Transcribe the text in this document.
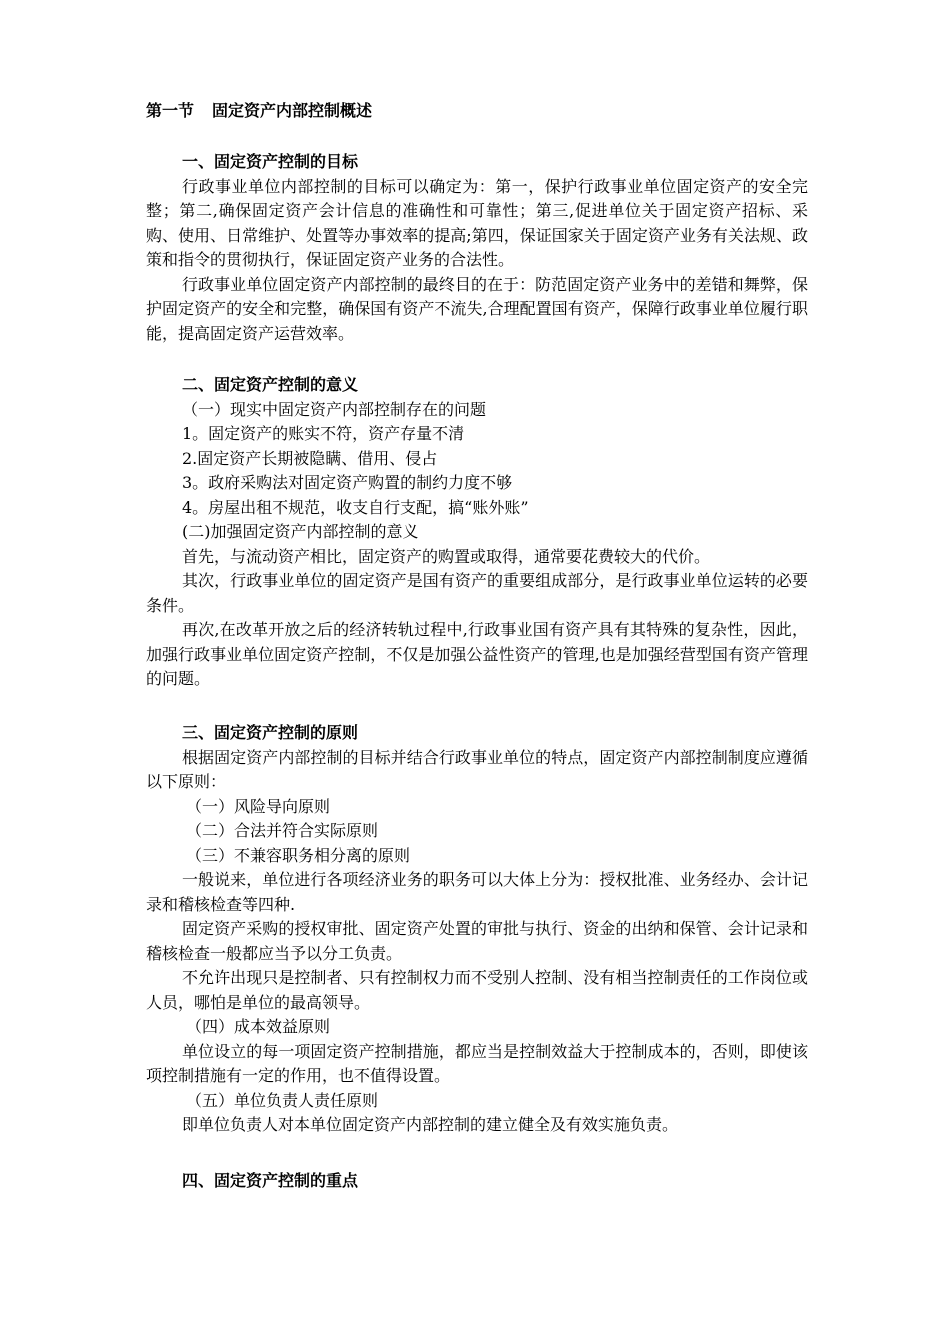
第一节 固定资产内部控制概述

一、固定资产控制的目标

行政事业单位内部控制的目标可以确定为：第一，保护行政事业单位固定资产的安全完整；第二,确保固定资产会计信息的准确性和可靠性；第三,促进单位关于固定资产招标、采购、使用、日常维护、处置等办事效率的提高;第四，保证国家关于固定资产业务有关法规、政策和指令的贯彻执行，保证固定资产业务的合法性。

行政事业单位固定资产内部控制的最终目的在于：防范固定资产业务中的差错和舞弊，保护固定资产的安全和完整，确保国有资产不流失,合理配置国有资产，保障行政事业单位履行职能，提高固定资产运营效率。

二、固定资产控制的意义

（一）现实中固定资产内部控制存在的问题

1。固定资产的账实不符，资产存量不清

2.固定资产长期被隐瞒、借用、侵占

3。政府采购法对固定资产购置的制约力度不够

4。房屋出租不规范，收支自行支配，搞“账外账”

(二)加强固定资产内部控制的意义

首先，与流动资产相比，固定资产的购置或取得，通常要花费较大的代价。

其次，行政事业单位的固定资产是国有资产的重要组成部分，是行政事业单位运转的必要条件。

再次,在改革开放之后的经济转轨过程中,行政事业国有资产具有其特殊的复杂性，因此，加强行政事业单位固定资产控制，不仅是加强公益性资产的管理,也是加强经营型国有资产管理的问题。

三、固定资产控制的原则

根据固定资产内部控制的目标并结合行政事业单位的特点，固定资产内部控制制度应遵循以下原则：

（一）风险导向原则

（二）合法并符合实际原则

（三）不兼容职务相分离的原则

一般说来，单位进行各项经济业务的职务可以大体上分为：授权批准、业务经办、会计记录和稽核检查等四种.

固定资产采购的授权审批、固定资产处置的审批与执行、资金的出纳和保管、会计记录和稽核检查一般都应当予以分工负责。

不允许出现只是控制者、只有控制权力而不受别人控制、没有相当控制责任的工作岗位或人员，哪怕是单位的最高领导。

（四）成本效益原则

单位设立的每一项固定资产控制措施，都应当是控制效益大于控制成本的，否则，即使该项控制措施有一定的作用，也不值得设置。

（五）单位负责人责任原则

即单位负责人对本单位固定资产内部控制的建立健全及有效实施负责。

四、固定资产控制的重点
